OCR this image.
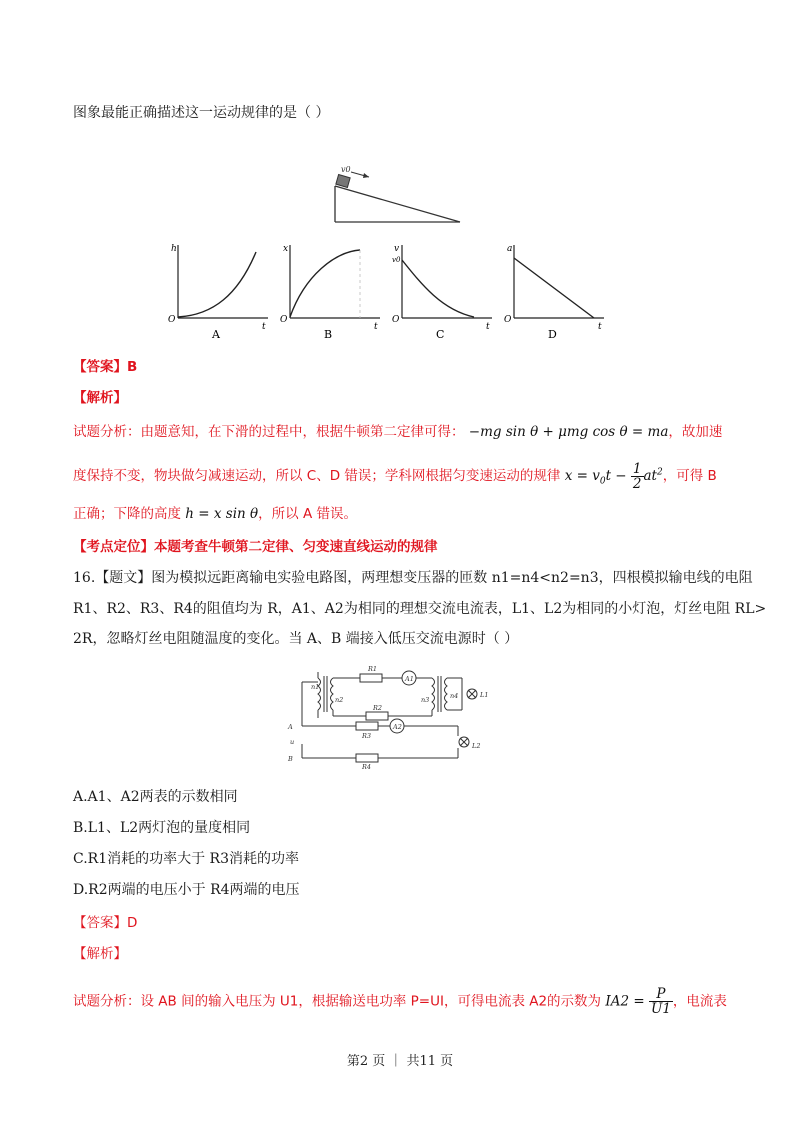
图象最能正确描述这一运动规律的是（ ）
v0
h
O
t
A
x
O
t
B
v
v0
O
t
C
a
O
t
D
【答案】B
【解析】
试题分析：由题意知，在下滑的过程中，根据牛顿第二定律可得： −mg sin θ + μmg cos θ = ma，故加速
度保持不变，物块做匀减速运动，所以 C、D 错误；学科网根据匀变速运动的规律 $x = v_0t - \frac{1}{2} at^2$，可得 B
正确；下降的高度 h = x sin θ，所以 A 错误。
【考点定位】本题考查牛顿第二定律、匀变速直线运动的规律
16.【题文】图为模拟远距离输电实验电路图，两理想变压器的匝数 n1=n4<n2=n3，四根模拟输电线的电阻
R1、R2、R3、R4的阻值均为 R，A1、A2为相同的理想交流电流表，L1、L2为相同的小灯泡，灯丝电阻 RL>
2R，忽略灯丝电阻随温度的变化。当 A、B 端接入低压交流电源时（ ）
n1
n2
R1
A1
n3	n4	L1
R2
A
u
B
R3
A2
L2
R4
A.A1、A2两表的示数相同
B.L1、L2两灯泡的量度相同
C.R1消耗的功率大于 R3消耗的功率
D.R2两端的电压小于 R4两端的电压
【答案】D
【解析】
试题分析：设 AB 间的输入电压为 U1，根据输送电功率 P=UI，可得电流表 A2的示数为 $IA2 = \frac{P}{U1}$ ，电流表
第2 页 ｜ 共11 页
